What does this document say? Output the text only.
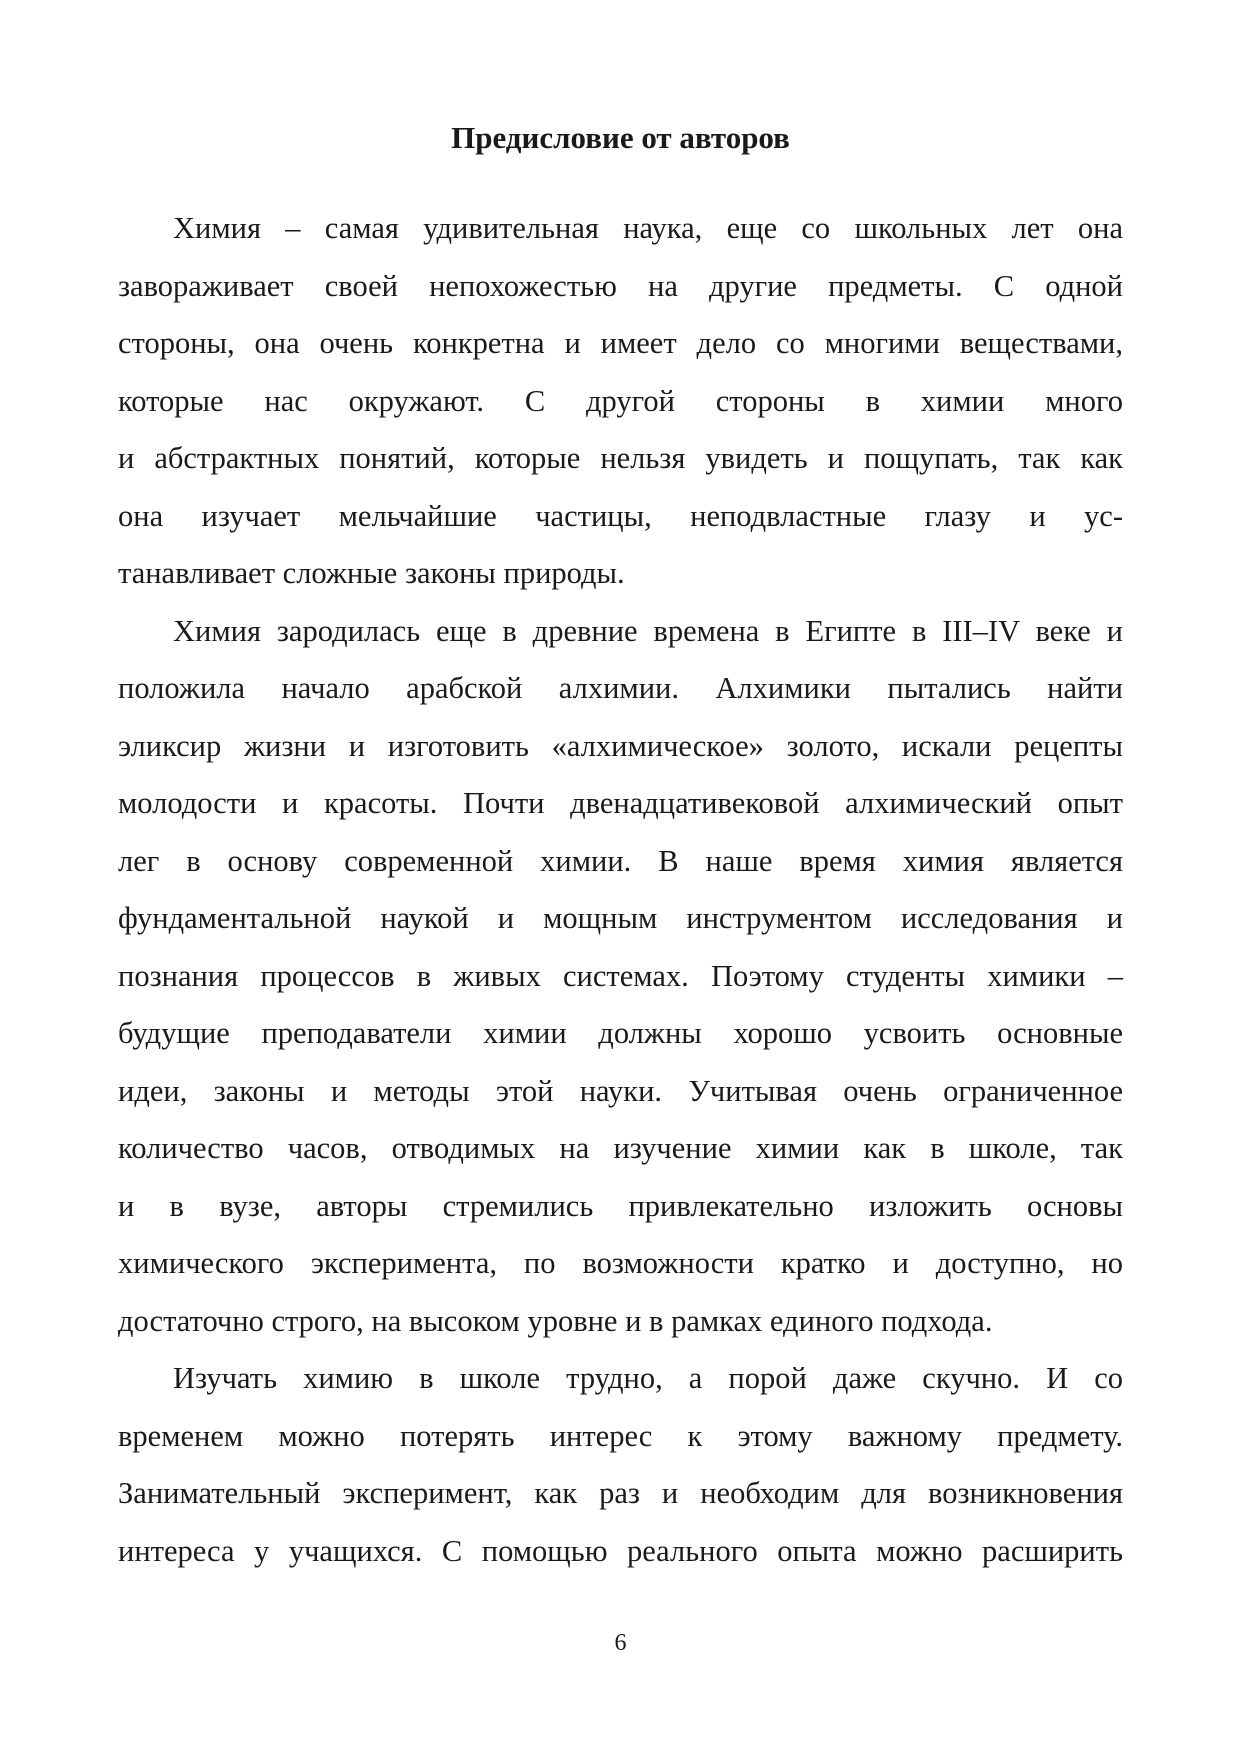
Предисловие от авторов
Химия – самая удивительная наука, еще со школьных лет она
завораживает своей непохожестью на другие предметы. С одной
стороны, она очень конкретна и имеет дело со многими веществами,
которые нас окружают. С другой стороны в химии много
и абстрактных понятий, которые нельзя увидеть и пощупать, так как
она изучает мельчайшие частицы, неподвластные глазу и ус-
танавливает сложные законы природы.
Химия зародилась еще в древние времена в Египте в III–IV веке и
положила начало арабской алхимии. Алхимики пытались найти
эликсир жизни и изготовить «алхимическое» золото, искали рецепты
молодости и красоты. Почти двенадцативековой алхимический опыт
лег в основу современной химии. В наше время химия является
фундаментальной наукой и мощным инструментом исследования и
познания процессов в живых системах. Поэтому студенты химики –
будущие преподаватели химии должны хорошо усвоить основные
идеи, законы и методы этой науки. Учитывая очень ограниченное
количество часов, отводимых на изучение химии как в школе, так
и в вузе, авторы стремились привлекательно изложить основы
химического эксперимента, по возможности кратко и доступно, но
достаточно строго, на высоком уровне и в рамках единого подхода.
Изучать химию в школе трудно, а порой даже скучно. И со
временем можно потерять интерес к этому важному предмету.
Занимательный эксперимент, как раз и необходим для возникновения
интереса у учащихся. С помощью реального опыта можно расширить
6
